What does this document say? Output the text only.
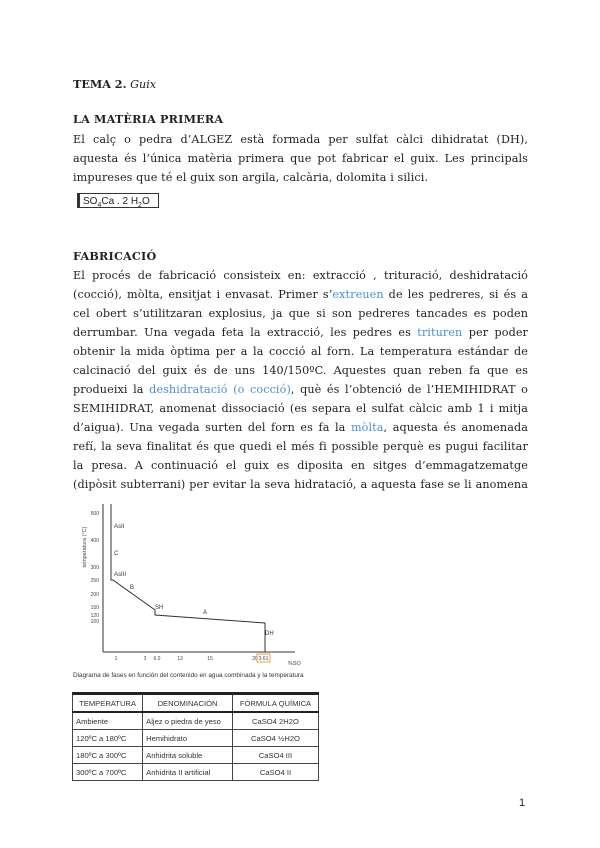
TEMA 2. Guix
LA MATÈRIA PRIMERA
El calç o pedra d’ALGEZ està formada per sulfat càlci dihidratat (DH), aquesta és l’única matèria primera que pot fabricar el guix. Les principals impureses que té el guix son argila, calcària, dolomita i silici.
$SO_4Ca$ . 2 $H_2O$
FABRICACIÓ
El procés de fabricació consisteix en: extracció , trituració, deshidratació (cocció), mòlta, ensitjat i envasat. Primer s’extreuen de les pedreres, si és a cel obert s’utilitzaran explosius, ja que si son pedreres tancades es poden derrumbar. Una vegada feta la extracció, les pedres es trituren per poder obtenir la mida òptima per a la cocció al forn. La temperatura estándar de calcinació del guix és de uns 140/150ºC. Aquestes quan reben fa que es produeixi la deshidratació (o cocció), què és l’obtenció de l’HEMIHIDRAT o SEMIHIDRAT, anomenat dissociació (es separa el sulfat càlcic amb 1 i mitja d’aigua). Una vegada surten del forn es fa la mòlta, aquesta és anomenada refí, la seva finalitat és que quedi el més fi possible perquè es pugui facilitar la presa. A continuació el guix es diposita en sitges d’emmagatzematge (dipòsit subterrani) per evitar la seva hidratació, a aquesta fase se li anomena
temperatura (°C)
500
400
300
250
200
150
120
100
1	3 6.0	13	15	20 3.61
%SO
AsII
C
AsIII
B
SH
A
DH
Diagrama de fases en función del contenido en agua combinada y la temperatura
TEMPERATURA	DENOMINACIÓN	FÓRMULA QUÍMICA
Ambiente	Aljez o piedra de yeso	CaSO4 2H2O
120ºC a 180ºC	Hemihidrato	CaSO4 ½H2O
180ºC a 300ºC	Anhidrita soluble	CaSO4 III
300ºC a 700ºC	Anhidrita II artificial	CaSO4 II
1
